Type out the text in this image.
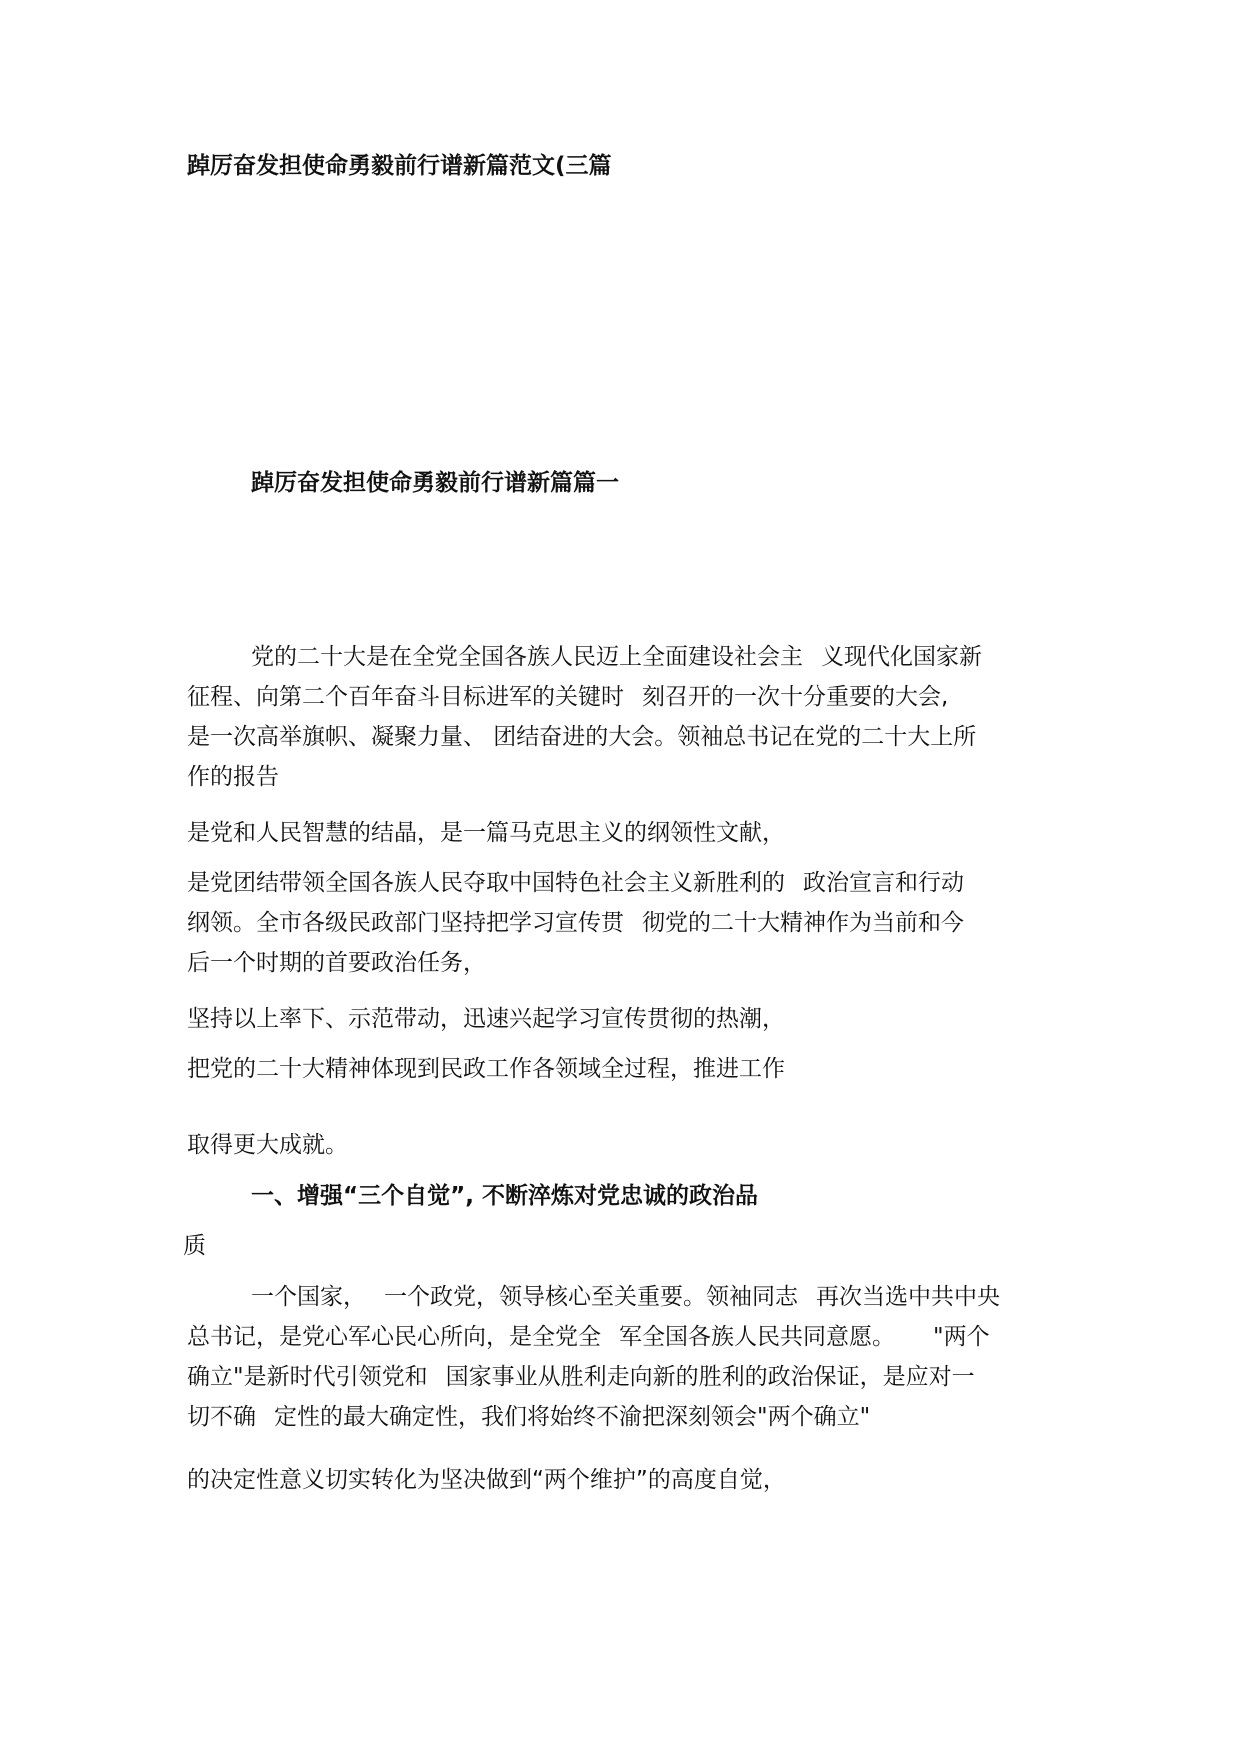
踔厉奋发担使命勇毅前行谱新篇范文(三篇

踔厉奋发担使命勇毅前行谱新篇篇一

党的二十大是在全党全国各族人民迈上全面建设社会主 义现代化国家新

征程、向第二个百年奋斗目标进军的关键时 刻召开的一次十分重要的大会,

是一次高举旗帜、凝聚力量、 团结奋进的大会。领袖总书记在党的二十大上所

作的报告

是党和人民智慧的结晶，是一篇马克思主义的纲领性文献，

是党团结带领全国各族人民夺取中国特色社会主义新胜利的 政治宣言和行动

纲领。全市各级民政部门坚持把学习宣传贯 彻党的二十大精神作为当前和今

后一个时期的首要政治任务，

坚持以上率下、示范带动，迅速兴起学习宣传贯彻的热潮，

把党的二十大精神体现到民政工作各领域全过程，推进工作

取得更大成就。

一、增强“三个自觉”, 不断淬炼对党忠诚的政治品

质

一个国家， 一个政党，领导核心至关重要。领袖同志 再次当选中共中央

总书记，是党心军心民心所向，是全党全 军全国各族人民共同意愿。 "两个

确立"是新时代引领党和 国家事业从胜利走向新的胜利的政治保证，是应对一

切不确 定性的最大确定性，我们将始终不渝把深刻领会"两个确立"

的决定性意义切实转化为坚决做到“两个维护”的高度自觉，
